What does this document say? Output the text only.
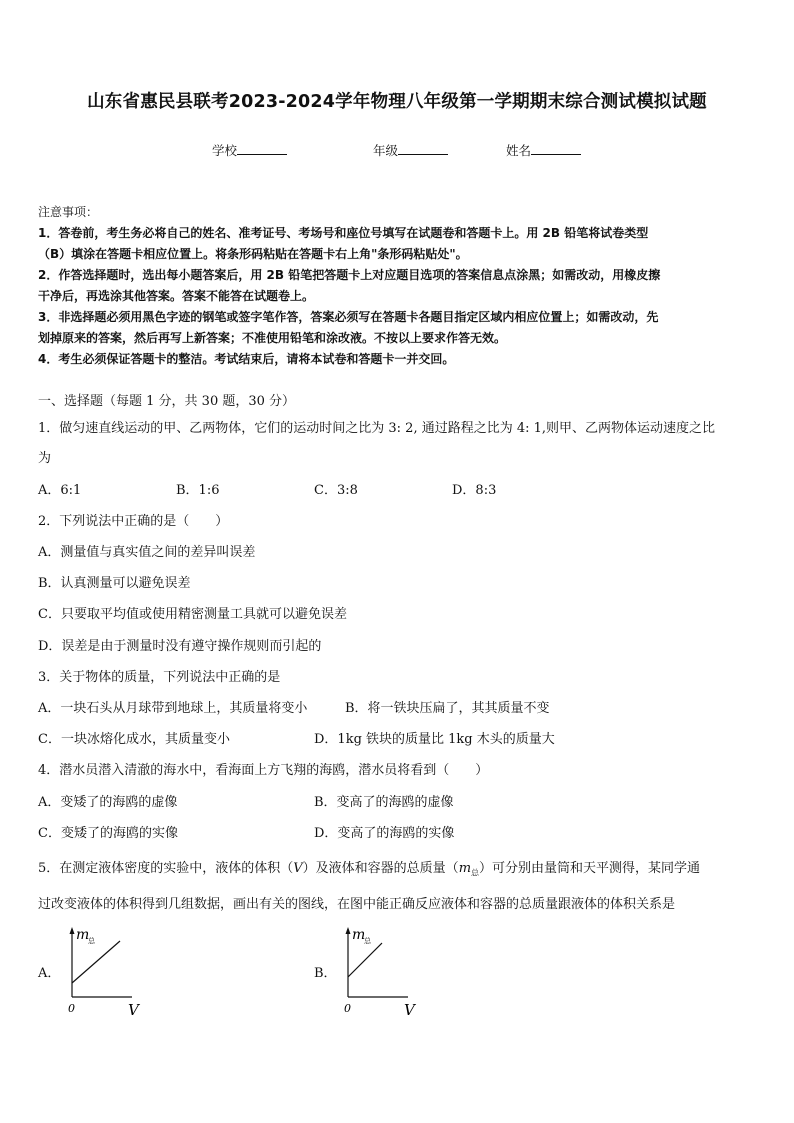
山东省惠民县联考2023-2024学年物理八年级第一学期期末综合测试模拟试题
学校	年级	姓名
注意事项：
1．答卷前，考生务必将自己的姓名、准考证号、考场号和座位号填写在试题卷和答题卡上。用 2B 铅笔将试卷类型
（B）填涂在答题卡相应位置上。将条形码粘贴在答题卡右上角"条形码粘贴处"。
2．作答选择题时，选出每小题答案后，用 2B 铅笔把答题卡上对应题目选项的答案信息点涂黑；如需改动，用橡皮擦
干净后，再选涂其他答案。答案不能答在试题卷上。
3．非选择题必须用黑色字迹的钢笔或签字笔作答，答案必须写在答题卡各题目指定区域内相应位置上；如需改动，先
划掉原来的答案，然后再写上新答案；不准使用铅笔和涂改液。不按以上要求作答无效。
4．考生必须保证答题卡的整洁。考试结束后，请将本试卷和答题卡一并交回。
一、选择题（每题 1 分，共 30 题，30 分）
1．做匀速直线运动的甲、乙两物体，它们的运动时间之比为 3: 2, 通过路程之比为 4: 1,则甲、乙两物体运动速度之比
为
A．6:1	B．1:6	C．3:8	D．8:3
2．下列说法中正确的是（　　）
A．测量值与真实值之间的差异叫误差
B．认真测量可以避免误差
C．只要取平均值或使用精密测量工具就可以避免误差
D．误差是由于测量时没有遵守操作规则而引起的
3．关于物体的质量，下列说法中正确的是
A．一块石头从月球带到地球上，其质量将变小	B．将一铁块压扁了，其其质量不变
C．一块冰熔化成水，其质量变小	D．1kg 铁块的质量比 1kg 木头的质量大
4．潜水员潜入清澈的海水中，看海面上方飞翔的海鸥，潜水员将看到（　　）
A．变矮了的海鸥的虚像	B．变高了的海鸥的虚像
C．变矮了的海鸥的实像	D．变高了的海鸥的实像
5．在测定液体密度的实验中，液体的体积（V）及液体和容器的总质量$(m_总)$可分别由量筒和天平测得，某同学通
过改变液体的体积得到几组数据，画出有关的图线，在图中能正确反应液体和容器的总质量跟液体的体积关系是
A．
m
总
V
0
B．
m
总
V
0
